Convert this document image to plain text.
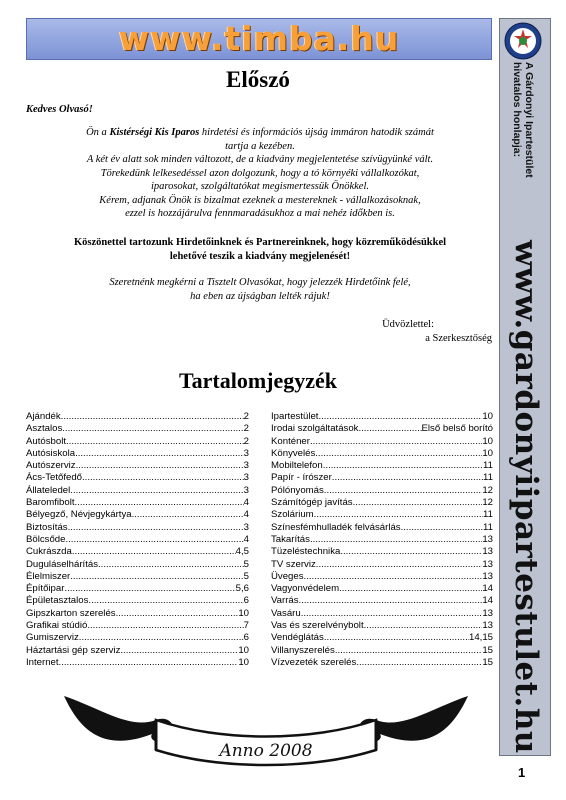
www.timba.hu
Előszó
Kedves Olvasó!
Ön a Kistérségi Kis Iparos hirdetési és információs újság immáron hatodik számát
tartja a kezében.
A két év alatt sok minden változott, de a kiadvány megjelentetése szívügyünké vált.
Törekedünk lelkesedéssel azon dolgozunk, hogy a tó környéki vállalkozókat,
iparosokat, szolgáltatókat megismertessük Önökkel.
Kérem, adjanak Önök is bizalmat ezeknek a mestereknek - vállalkozásoknak,
ezzel is hozzájárulva fennmaradásukhoz a mai nehéz időkben is.
Köszönettel tartozunk Hirdetőinknek és Partnereinknek, hogy közreműködésükkel
lehetővé teszik a kiadvány megjelenését!
Szeretnénk megkérni a Tisztelt Olvasókat, hogy jelezzék Hirdetőink felé,
ha eben az újságban lelték rájuk!
Üdvözlettel:
a Szerkesztőség
Tartalomjegyzék
Ajándék .....	2
Asztalos .....	2
Autósbolt .....	2
Autósiskola .....	3
Autószerviz .....	3
Ács-Tetőfedő .....	3
Állateledel .....	3
Baromfibolt .....	4
Bélyegző, Névjegykártya .....	4
Biztosítás .....	3
Bölcsőde .....	4
Cukrászda .....	4,5
Duguláselhárítás .....	5
Élelmiszer .....	5
Építőipar .....	5,6
Épületasztalos .....	6
Gipszkarton szerelés .....	10
Grafikai stúdió .....	7
Gumiszerviz .....	6
Háztartási gép szerviz .....	10
Internet .....	10
Ipartestület .....	10
Irodai szolgáltatások .....	Első belső borító
Konténer .....	10
Könyvelés .....	10
Mobiltelefon .....	11
Papír - írószer .....	11
Pólónyomás .....	12
Számítógép javítás .....	12
Szolárium .....	11
Színesfémhulladék felvásárlás .....	11
Takarítás .....	13
Tüzeléstechnika .....	13
TV szerviz .....	13
Üveges .....	13
Vagyonvédelem .....	14
Varrás .....	14
Vasáru .....	13
Vas és szerelvénybolt .....	13
Vendéglátás .....	14,15
Villanyszerelés .....	15
Vízvezeték szerelés .....	15
A Gárdonyi Ipartestület
hivatalos honlapja:
www.gardonyiipartestulet.hu
Anno 2008
1
